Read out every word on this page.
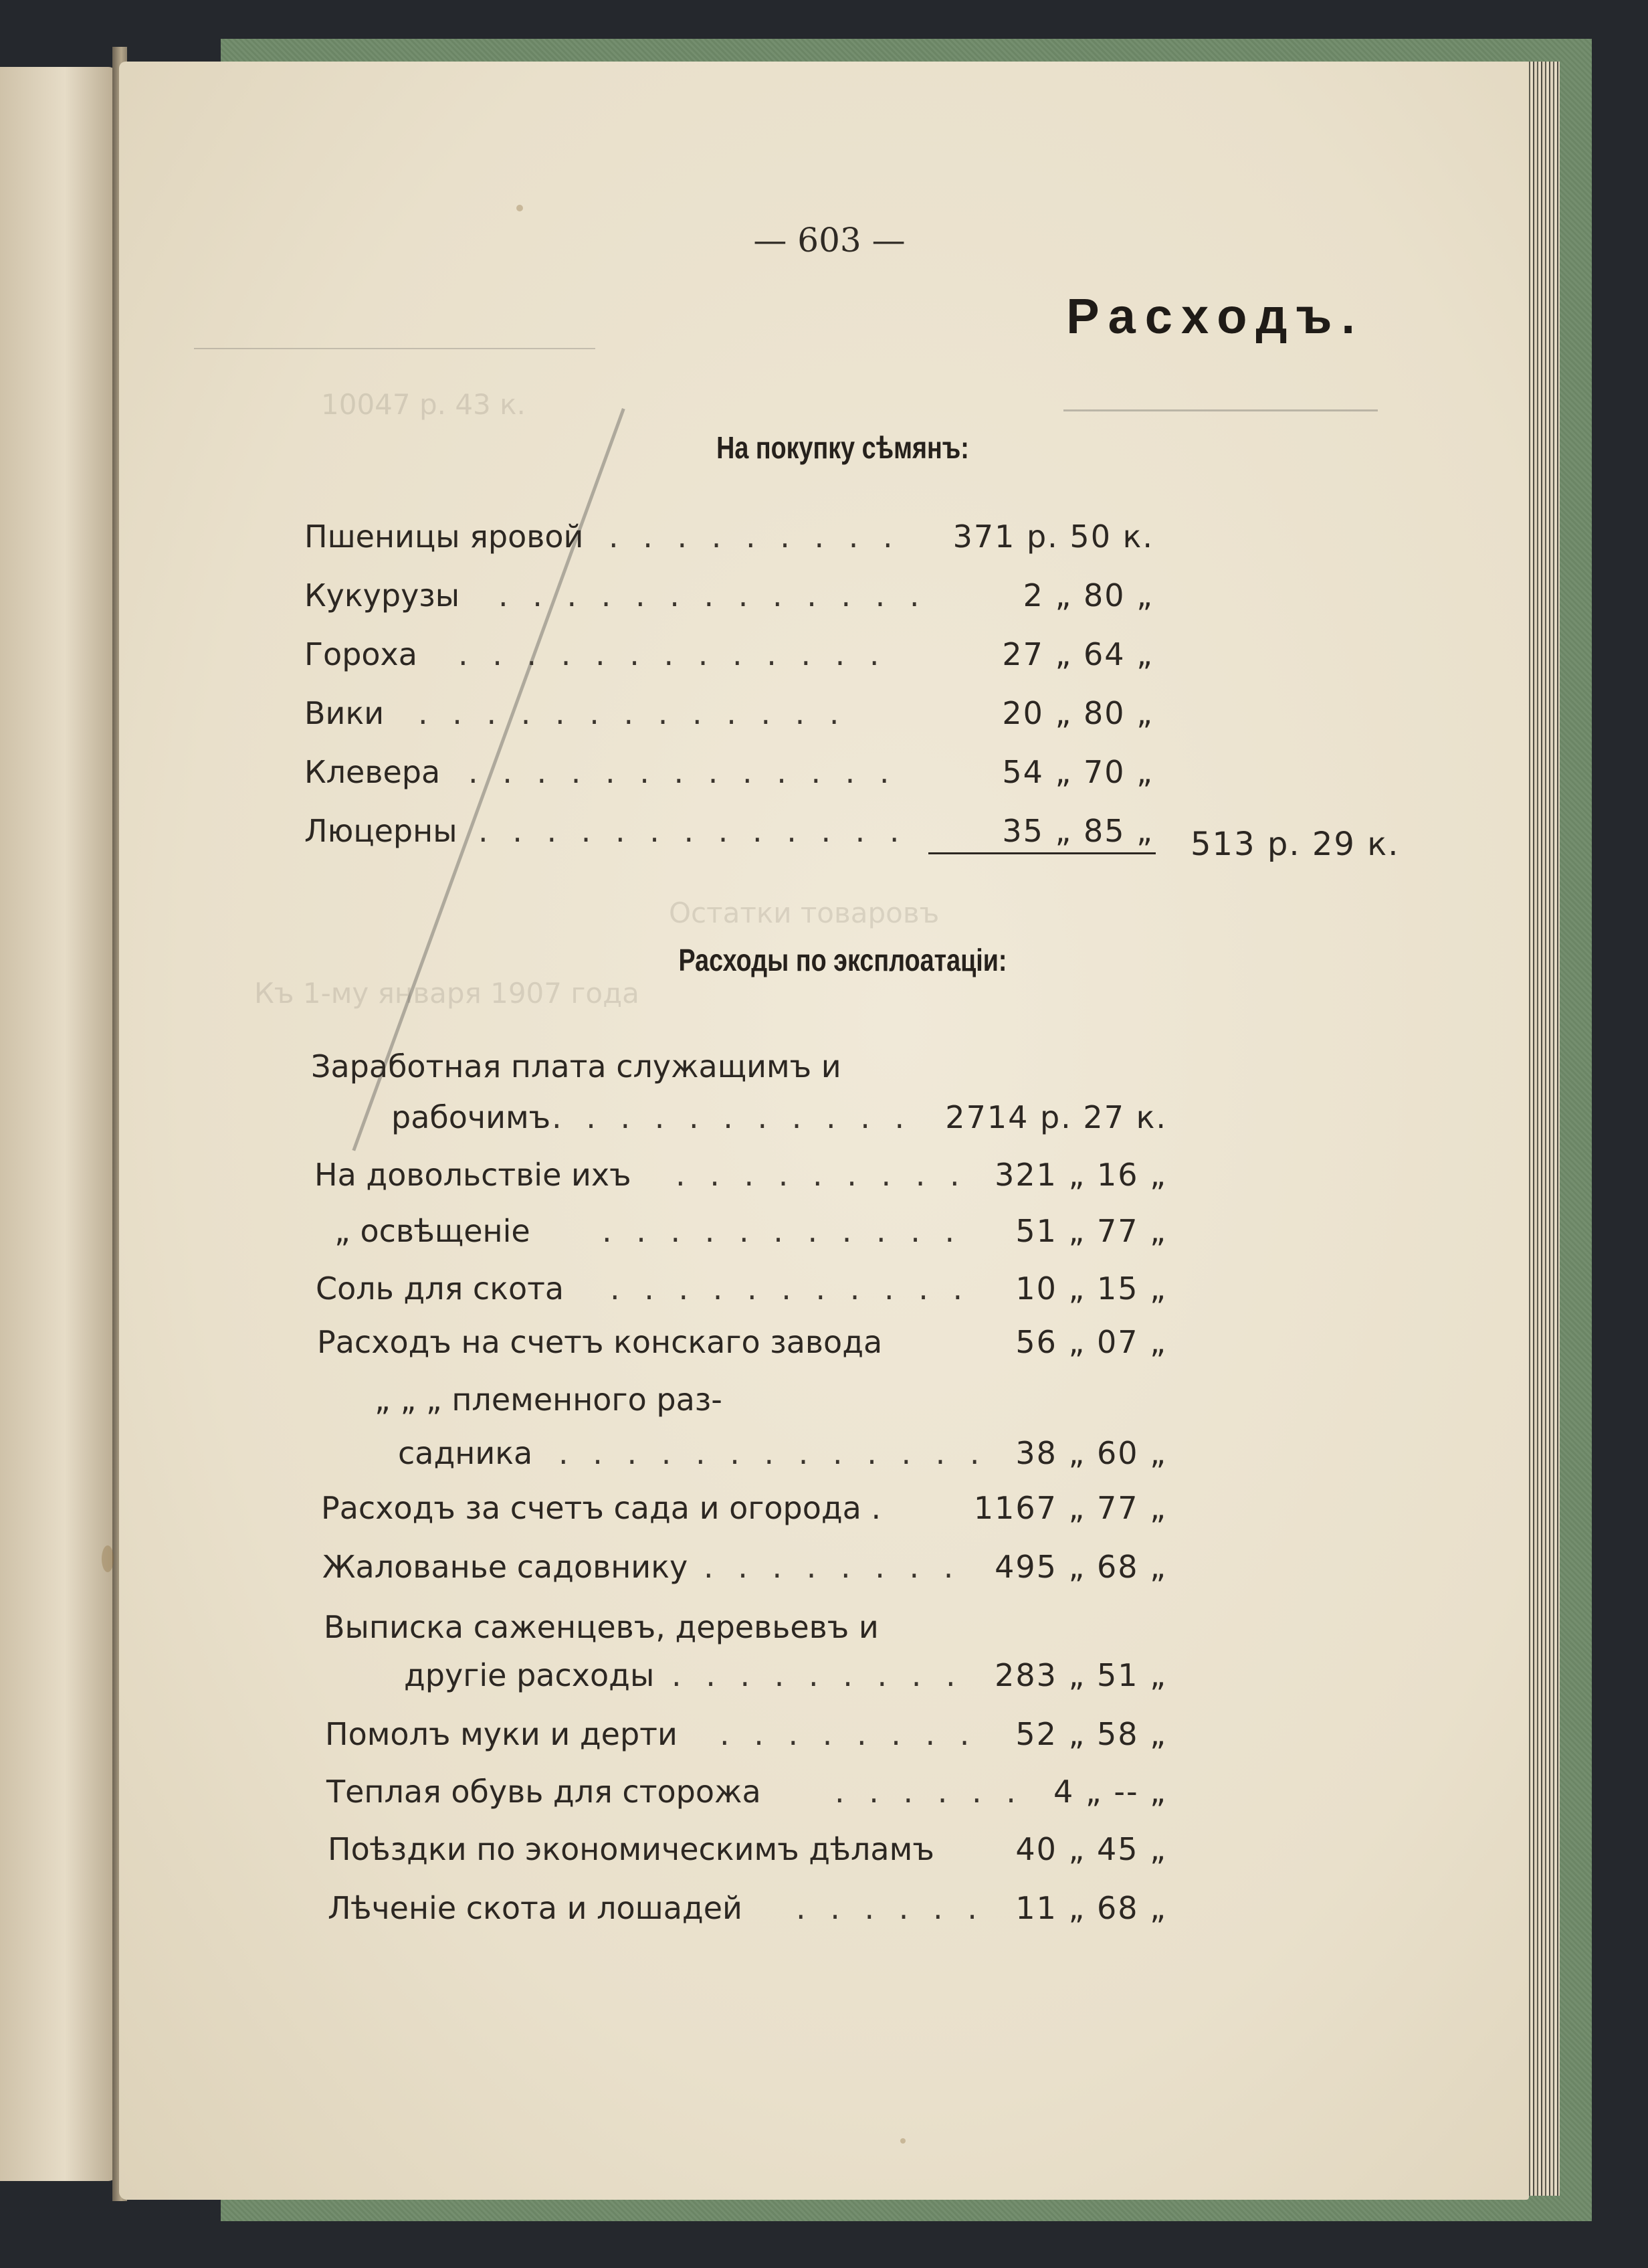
10047 р. 43 к.
Остатки товаровъ
Къ 1-му января 1907 года
— 603 —
Расходъ.
На покупку сѣмянъ:
Пшеницы яровой . . . . . . . . . 371 р. 50 к.
Кукурузы . . . . . . . . . . . . .	2 „ 80 „
Гороха . . . . . . . . . . . . .	27 „ 64 „
Вики . . . . . . . . . . . . .	20 „ 80 „
Клевера . . . . . . . . . . . . .	54 „ 70 „
Люцерны . . . . . . . . . . . . .	35 „ 85 „ 513 р. 29 к.
Расходы по эксплоатаціи:
Заработная плата служащимъ и
рабочимъ . . . . . . . . . . . 2714 р. 27 к.
На довольствіе ихъ . . . . . . . . . 321 „ 16 „
„ освѣщеніе . . . . . . . . . . . 51 „ 77 „
Соль для скота . . . . . . . . . . . 10 „ 15 „
Расходъ на счетъ конскаго завода	56 „ 07 „
„ „ „ племенного раз-
садника . . . . . . . . . . . . . 38 „ 60 „
Расходъ за счетъ сада и огорода .	1167 „ 77 „
Жалованье садовнику . . . . . . . . 495 „ 68 „
Выписка саженцевъ, деревьевъ и
другіе расходы . . . . . . . . . 283 „ 51 „
Помолъ муки и дерти . . . . . . . . 52 „ 58 „
Теплая обувь для сторожа . . . . . . 4 „ -- „
Поѣздки по экономическимъ дѣламъ	40 „ 45 „
Лѣченіе скота и лошадей . . . . . . 11 „ 68 „
